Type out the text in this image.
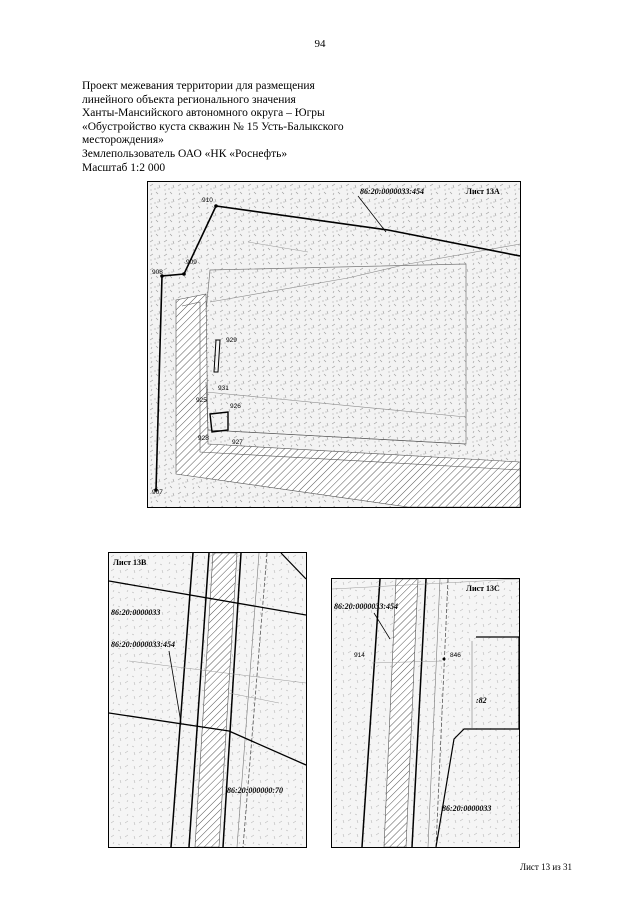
94
Проект межевания территории для размещения
линейного объекта регионального значения
Ханты-Мансийского автономного округа – Югры
«Обустройство куста скважин № 15 Усть-Балыкского
месторождения»
Землепользователь ОАО «НК «Роснефть»
Масштаб 1:2 000
86:20:0000033:454	Лист 13А
910
909
908
929
931
925
926
928
927
907
Лист 13В
86:20:0000033
86:20:0000033:454
86:20:000000:70
Лист 13С
86:20:0000033:454
914	846
:82
86:20:0000033
Лист 13 из 31
